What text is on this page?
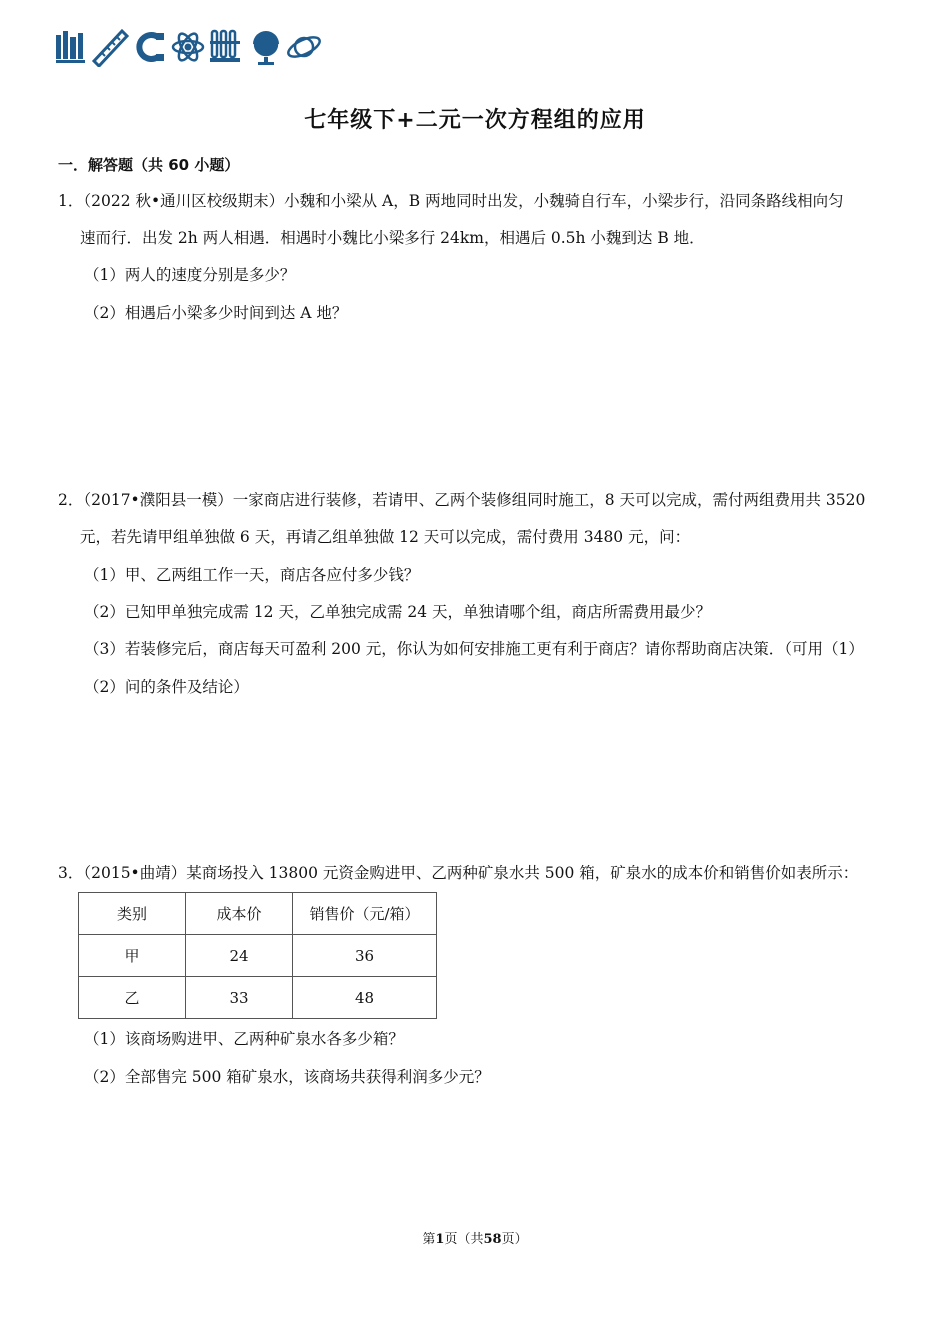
七年级下+二元一次方程组的应用
一．解答题（共 60 小题）
1．（2022 秋•通川区校级期末）小魏和小梁从 A，B 两地同时出发，小魏骑自行车，小梁步行，沿同条路线相向匀
速而行．出发 2h 两人相遇．相遇时小魏比小梁多行 24km，相遇后 0.5h 小魏到达 B 地．
（1）两人的速度分别是多少？
（2）相遇后小梁多少时间到达 A 地？
2．（2017•濮阳县一模）一家商店进行装修，若请甲、乙两个装修组同时施工，8 天可以完成，需付两组费用共 3520
元，若先请甲组单独做 6 天，再请乙组单独做 12 天可以完成，需付费用 3480 元，问：
（1）甲、乙两组工作一天，商店各应付多少钱？
（2）已知甲单独完成需 12 天，乙单独完成需 24 天，单独请哪个组，商店所需费用最少？
（3）若装修完后，商店每天可盈利 200 元，你认为如何安排施工更有利于商店？请你帮助商店决策．（可用（1）
（2）问的条件及结论）
3．（2015•曲靖）某商场投入 13800 元资金购进甲、乙两种矿泉水共 500 箱，矿泉水的成本价和销售价如表所示：
类别	成本价	销售价（元/箱）
甲	24	36
乙	33	48
（1）该商场购进甲、乙两种矿泉水各多少箱？
（2）全部售完 500 箱矿泉水，该商场共获得利润多少元？
第1页（共58页）
